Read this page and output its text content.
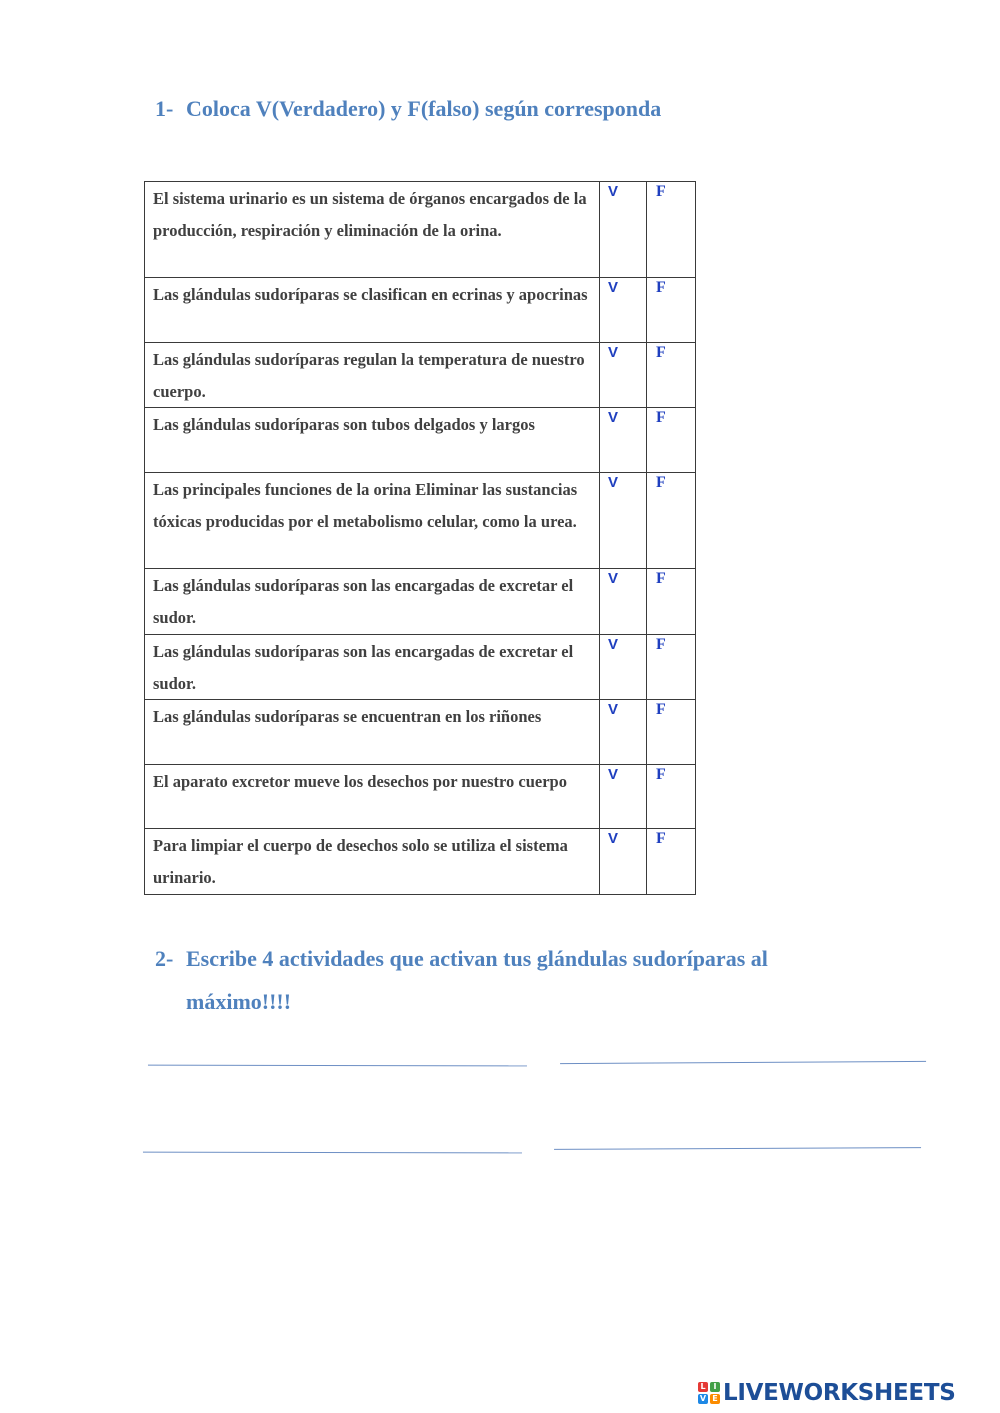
1- Coloca V(Verdadero) y F(falso) según corresponda
El sistema urinario es un sistema de órganos encargados de la producción, respiración y eliminación de la orina.	V	F
Las glándulas sudoríparas se clasifican en ecrinas y apocrinas	V	F
Las glándulas sudoríparas regulan la temperatura de nuestro cuerpo.	V	F
Las glándulas sudoríparas son tubos delgados y largos	V	F
Las principales funciones de la orina Eliminar las sustancias tóxicas producidas por el metabolismo celular, como la urea.	V	F
Las glándulas sudoríparas son las encargadas de excretar el sudor.	V	F
Las glándulas sudoríparas son las encargadas de excretar el sudor.	V	F
Las glándulas sudoríparas se encuentran en los riñones	V	F
El aparato excretor mueve los desechos por nuestro cuerpo	V	F
Para limpiar el cuerpo de desechos solo se utiliza el sistema urinario.	V	F
2- Escribe 4 actividades que activan tus glándulas sudoríparas al máximo!!!!
L I
V E LIVEWORKSHEETS
